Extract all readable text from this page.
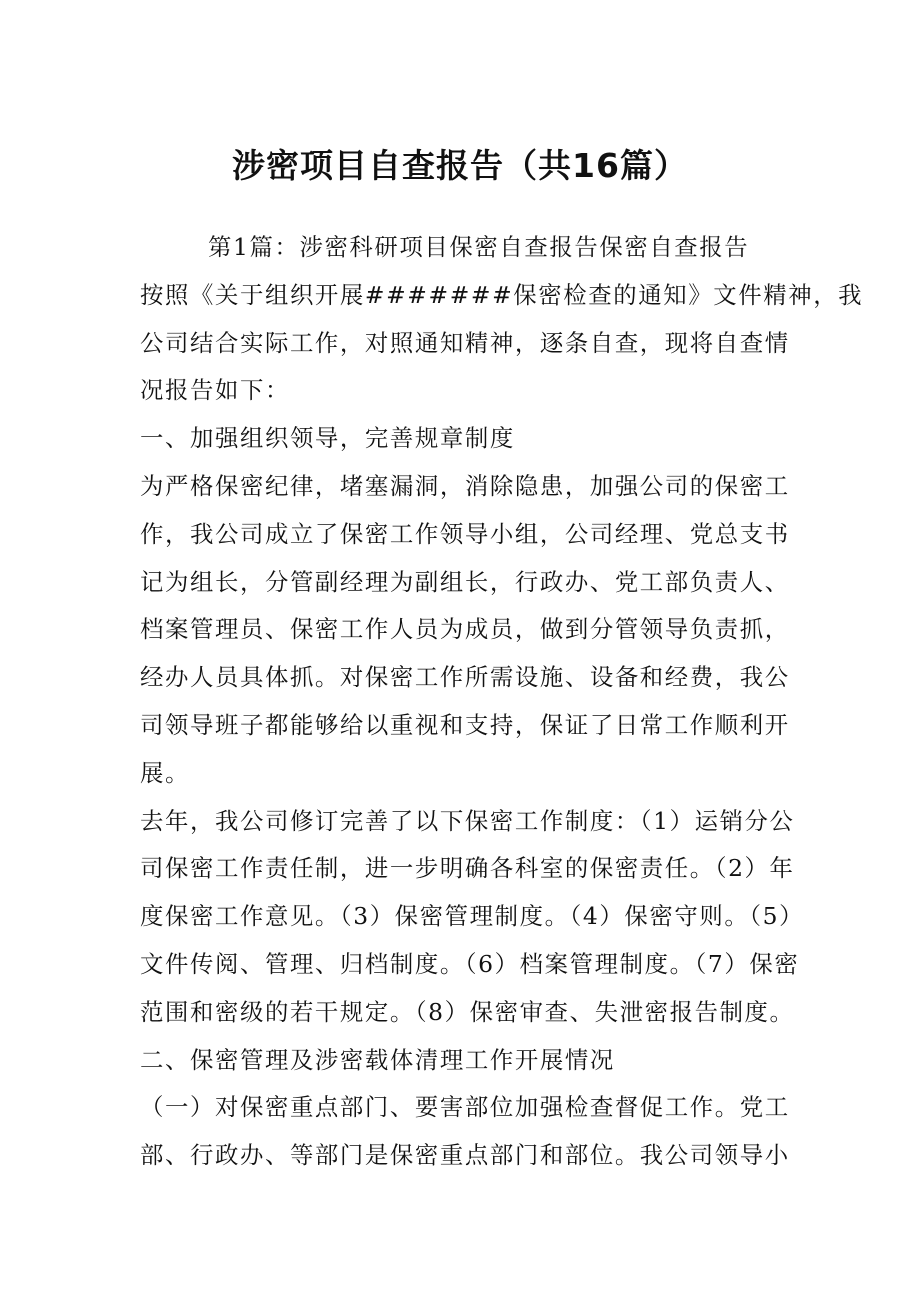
涉密项目自查报告（共16篇）
第1篇：涉密科研项目保密自查报告保密自查报告
按照《关于组织开展#######保密检查的通知》文件精神，我
公司结合实际工作，对照通知精神，逐条自查，现将自查情
况报告如下：
一、加强组织领导，完善规章制度
为严格保密纪律，堵塞漏洞，消除隐患，加强公司的保密工
作，我公司成立了保密工作领导小组，公司经理、党总支书
记为组长，分管副经理为副组长，行政办、党工部负责人、
档案管理员、保密工作人员为成员，做到分管领导负责抓，
经办人员具体抓。对保密工作所需设施、设备和经费，我公
司领导班子都能够给以重视和支持，保证了日常工作顺利开
展。
去年，我公司修订完善了以下保密工作制度：（1）运销分公
司保密工作责任制，进一步明确各科室的保密责任。（2）年
度保密工作意见。（3）保密管理制度。（4）保密守则。（5）
文件传阅、管理、归档制度。（6）档案管理制度。（7）保密
范围和密级的若干规定。（8）保密审查、失泄密报告制度。
二、保密管理及涉密载体清理工作开展情况
（一）对保密重点部门、要害部位加强检查督促工作。党工
部、行政办、等部门是保密重点部门和部位。我公司领导小
